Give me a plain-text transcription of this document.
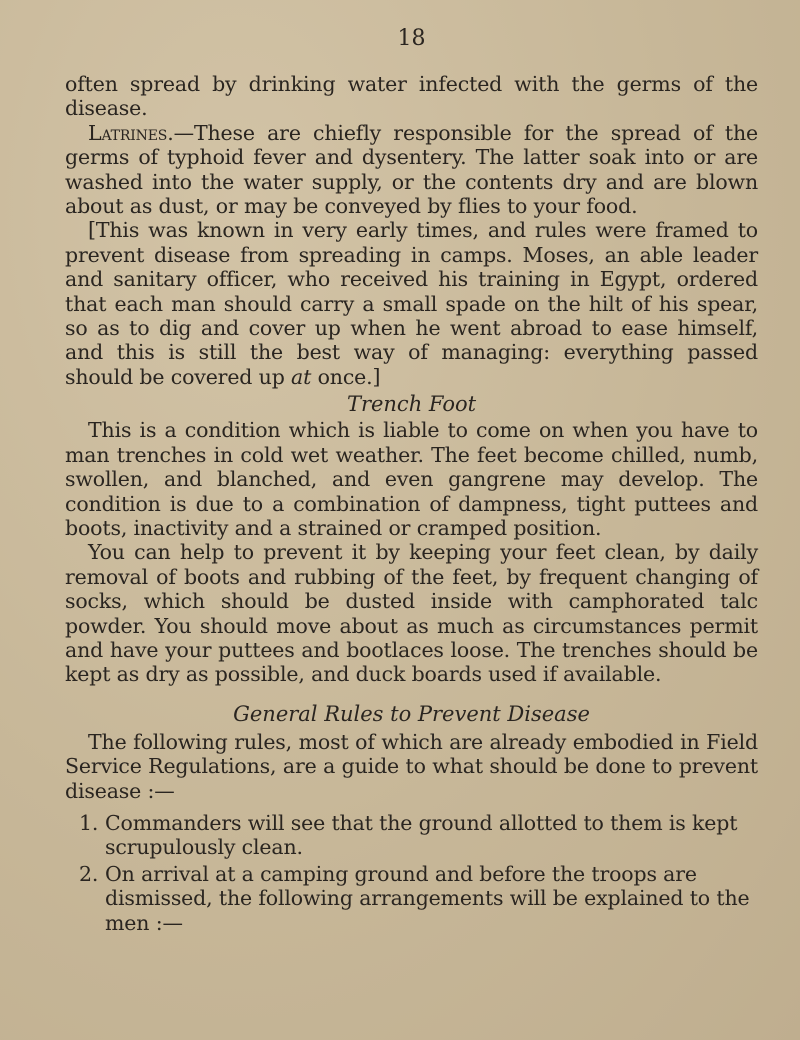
18

often spread by drinking water infected with the germs of the disease.

Latrines.—These are chiefly responsible for the spread of the germs of typhoid fever and dysentery. The latter soak into or are washed into the water supply, or the contents dry and are blown about as dust, or may be conveyed by flies to your food.

[This was known in very early times, and rules were framed to prevent disease from spreading in camps. Moses, an able leader and sanitary officer, who received his training in Egypt, ordered that each man should carry a small spade on the hilt of his spear, so as to dig and cover up when he went abroad to ease himself, and this is still the best way of managing: everything passed should be covered up at once.]

Trench Foot

This is a condition which is liable to come on when you have to man trenches in cold wet weather. The feet become chilled, numb, swollen, and blanched, and even gangrene may develop. The condition is due to a combination of dampness, tight puttees and boots, inactivity and a strained or cramped position.

You can help to prevent it by keeping your feet clean, by daily removal of boots and rubbing of the feet, by frequent changing of socks, which should be dusted inside with camphorated talc powder. You should move about as much as circumstances permit and have your puttees and bootlaces loose. The trenches should be kept as dry as possible, and duck boards used if available.

General Rules to Prevent Disease

The following rules, most of which are already embodied in Field Service Regulations, are a guide to what should be done to prevent disease :—

1. Commanders will see that the ground allotted to them is kept scrupulously clean.
2. On arrival at a camping ground and before the troops are dismissed, the following arrangements will be explained to the men :—
